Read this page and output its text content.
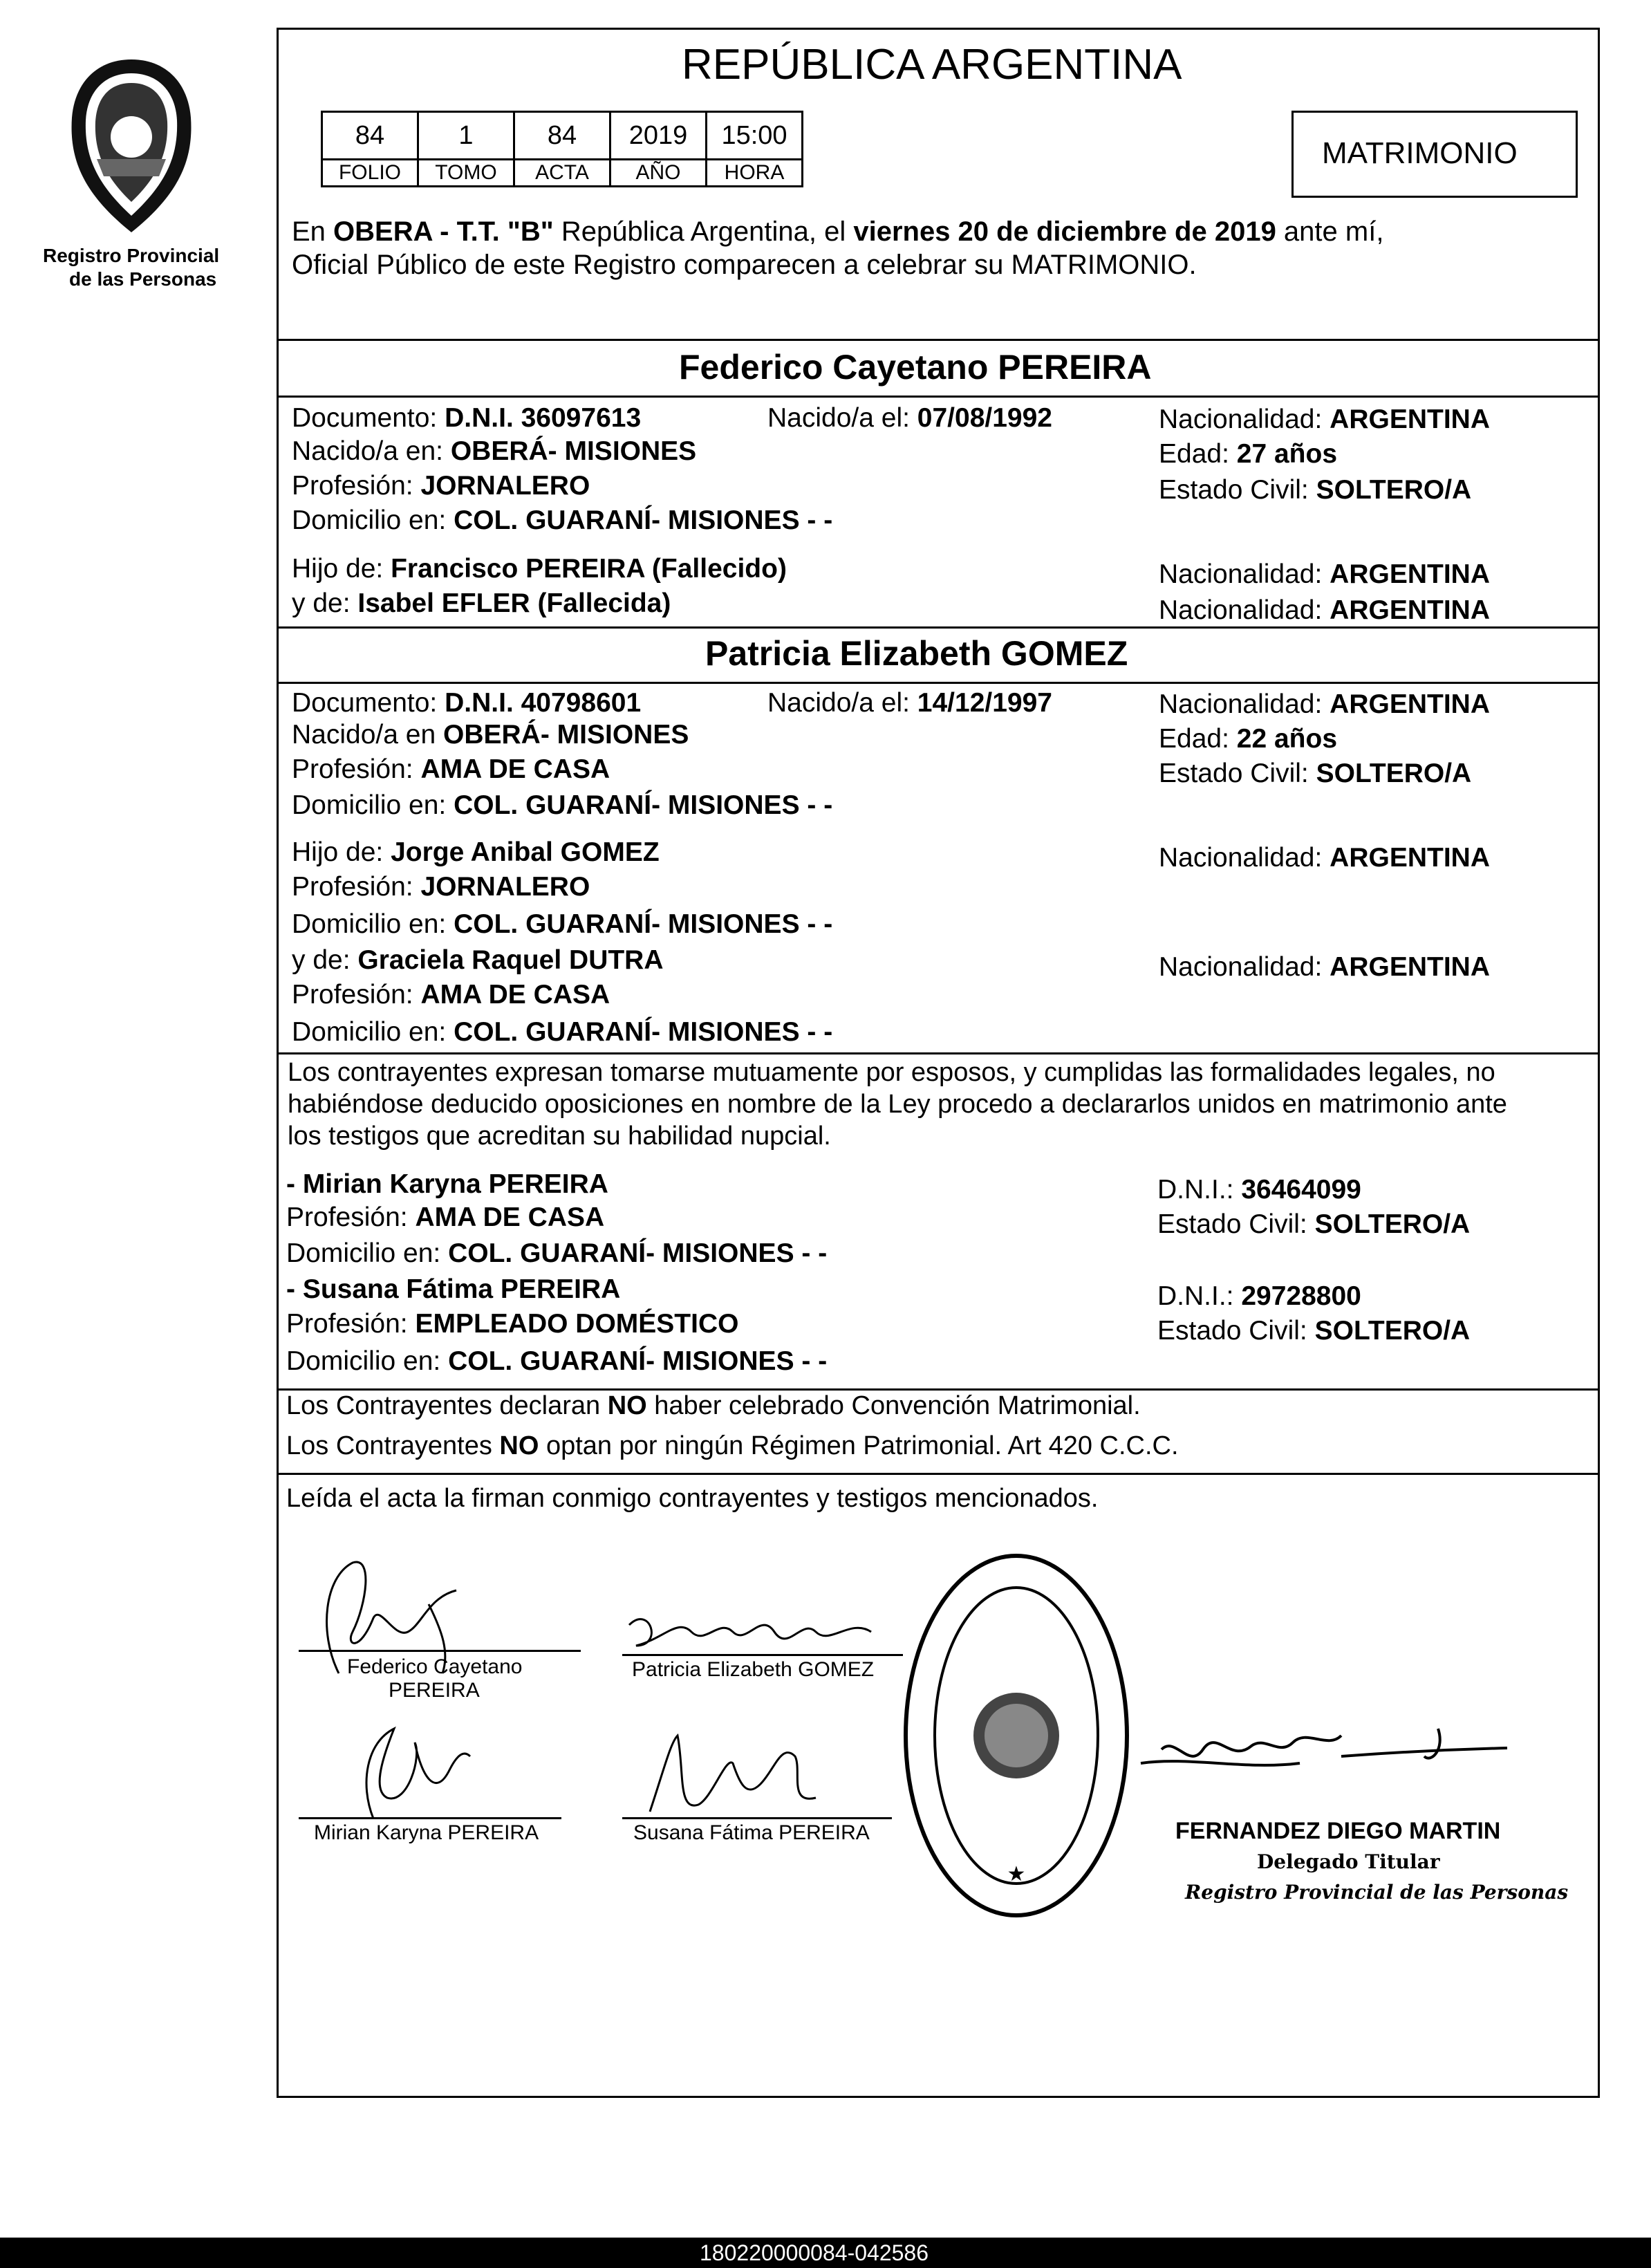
Registro Provincial
de las Personas
REPÚBLICA ARGENTINA
84	1	84	2019	15:00
FOLIO	TOMO	ACTA	AÑO	HORA
MATRIMONIO
En OBERA - T.T. "B" República Argentina, el viernes 20 de diciembre de 2019 ante mí,
Oficial Público de este Registro comparecen a celebrar su MATRIMONIO.
Federico Cayetano PEREIRA
Documento: D.N.I. 36097613	Nacido/a el: 07/08/1992	Nacionalidad: ARGENTINA
Nacido/a en: OBERÁ- MISIONES	Edad: 27 años
Profesión: JORNALERO	Estado Civil: SOLTERO/A
Domicilio en: COL. GUARANÍ- MISIONES - -
Hijo de: Francisco PEREIRA (Fallecido)	Nacionalidad: ARGENTINA
y de: Isabel EFLER (Fallecida)	Nacionalidad: ARGENTINA
Patricia Elizabeth GOMEZ
Documento: D.N.I. 40798601	Nacido/a el: 14/12/1997	Nacionalidad: ARGENTINA
Nacido/a en OBERÁ- MISIONES	Edad: 22 años
Profesión: AMA DE CASA	Estado Civil: SOLTERO/A
Domicilio en: COL. GUARANÍ- MISIONES - -
Hijo de: Jorge Anibal GOMEZ	Nacionalidad: ARGENTINA
Profesión: JORNALERO
Domicilio en: COL. GUARANÍ- MISIONES - -
y de: Graciela Raquel DUTRA	Nacionalidad: ARGENTINA
Profesión: AMA DE CASA
Domicilio en: COL. GUARANÍ- MISIONES - -
Los contrayentes expresan tomarse mutuamente por esposos, y cumplidas las formalidades legales, no
habiéndose deducido oposiciones en nombre de la Ley procedo a declararlos unidos en matrimonio ante
los testigos que acreditan su habilidad nupcial.
- Mirian Karyna PEREIRA	D.N.I.: 36464099
Profesión: AMA DE CASA	Estado Civil: SOLTERO/A
Domicilio en: COL. GUARANÍ- MISIONES - -
- Susana Fátima PEREIRA	D.N.I.: 29728800
Profesión: EMPLEADO DOMÉSTICO	Estado Civil: SOLTERO/A
Domicilio en: COL. GUARANÍ- MISIONES - -
Los Contrayentes declaran NO haber celebrado Convención Matrimonial.
Los Contrayentes NO optan por ningún Régimen Patrimonial. Art 420 C.C.C.
Leída el acta la firman conmigo contrayentes y testigos mencionados.
Federico Cayetano
PEREIRA
Patricia Elizabeth GOMEZ
Mirian Karyna PEREIRA	Susana Fátima PEREIRA
★
FERNANDEZ DIEGO MARTIN
Delegado Titular
Registro Provincial de las Personas
180220000084-042586
